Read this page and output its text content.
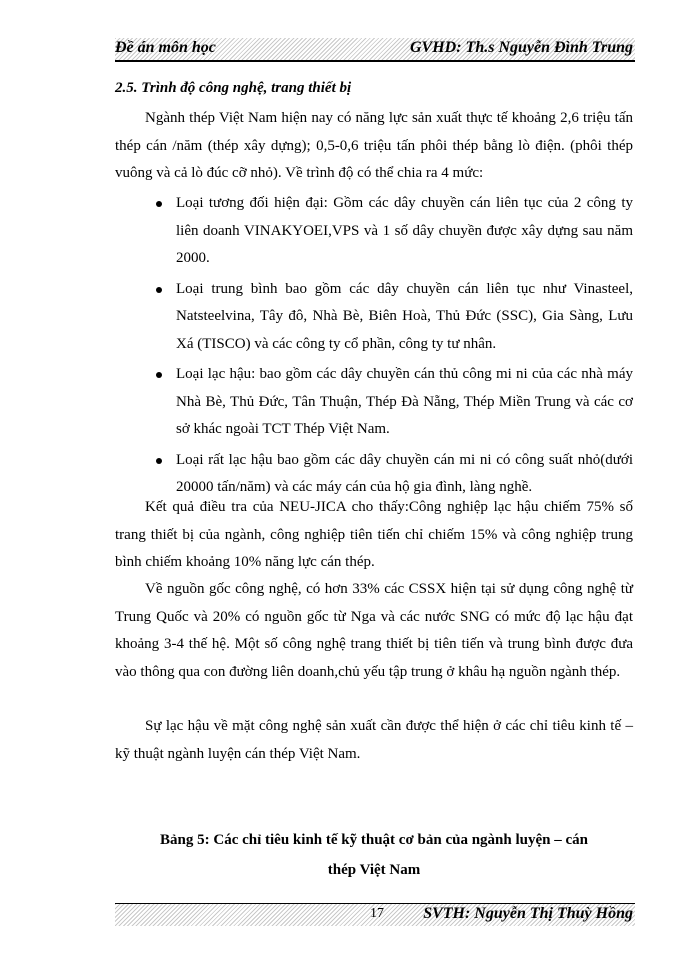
Đề án môn học	GVHD: Th.s Nguyễn Đình Trung
2.5. Trình độ công nghệ, trang thiết bị

Ngành thép Việt Nam hiện nay có năng lực sản xuất thực tế khoảng 2,6 triệu tấn thép cán /năm (thép xây dựng); 0,5-0,6 triệu tấn phôi thép bằng lò điện. (phôi thép vuông và cả lò đúc cỡ nhỏ). Về trình độ có thể chia ra 4 mức:

Loại tương đối hiện đại: Gồm các dây chuyền cán liên tục của 2 công ty liên doanh VINAKYOEI,VPS và 1 số dây chuyền được xây dựng sau năm 2000.
Loại trung bình bao gồm các dây chuyền cán liên tục như Vinasteel, Natsteelvina, Tây đô, Nhà Bè, Biên Hoà, Thủ Đức (SSC), Gia Sàng, Lưu Xá (TISCO) và các công ty cổ phần, công ty tư nhân.
Loại lạc hậu: bao gồm các dây chuyền cán thủ công mi ni của các nhà máy Nhà Bè, Thủ Đức, Tân Thuận, Thép Đà Nẵng, Thép Miền Trung và các cơ sở khác ngoài TCT Thép Việt Nam.
Loại rất lạc hậu bao gồm các dây chuyền cán mi ni có công suất nhỏ(dưới 20000 tấn/năm) và các máy cán của hộ gia đình, làng nghề.

Kết quả điều tra của NEU-JICA cho thấy:Công nghiệp lạc hậu chiếm 75% số trang thiết bị của ngành, công nghiệp tiên tiến chỉ chiếm 15% và công nghiệp trung bình chiếm khoảng 10% năng lực cán thép.

Về nguồn gốc công nghệ, có hơn 33% các CSSX hiện tại sử dụng công nghệ từ Trung Quốc và 20% có nguồn gốc từ Nga và các nước SNG có mức độ lạc hậu đạt khoảng 3-4 thế hệ. Một số công nghệ trang thiết bị tiên tiến và trung bình được đưa vào thông qua con đường liên doanh,chủ yếu tập trung ở khâu hạ nguồn ngành thép.

Sự lạc hậu về mặt công nghệ sản xuất cần được thể hiện ở các chỉ tiêu kinh tế –kỹ thuật ngành luyện cán thép Việt Nam.

Bảng 5: Các chỉ tiêu kinh tế kỹ thuật cơ bản của ngành luyện – cán
thép Việt Nam
17 SVTH: Nguyễn Thị Thuỳ Hồng
